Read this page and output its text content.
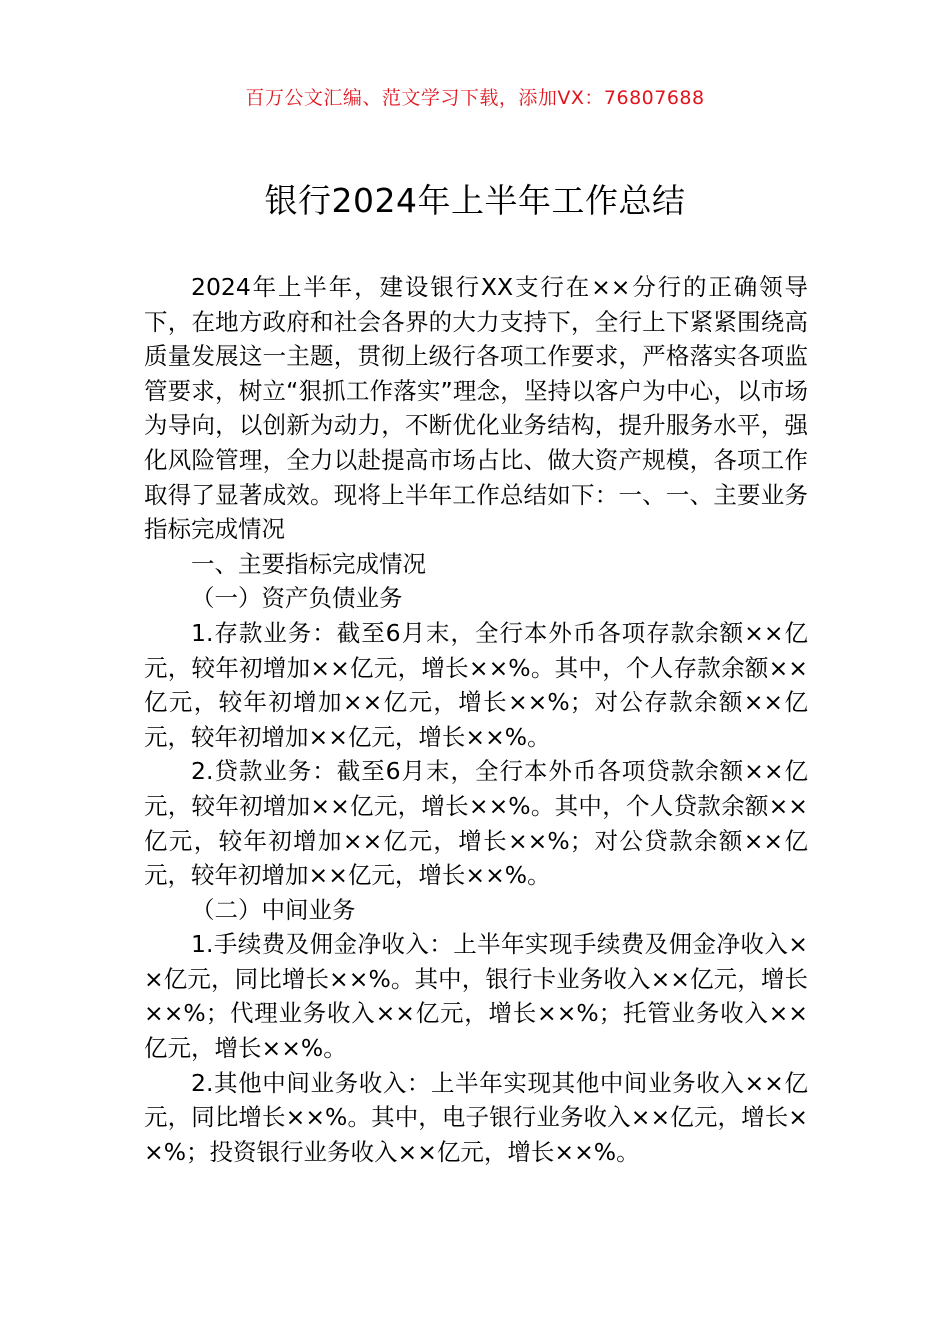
百万公文汇编、范文学习下载，添加VX：76807688
银行2024年上半年工作总结

2024年上半年，建设银行XX支行在××分行的正确领导下，在地方政府和社会各界的大力支持下，全行上下紧紧围绕高质量发展这一主题，贯彻上级行各项工作要求，严格落实各项监管要求，树立“狠抓工作落实”理念，坚持以客户为中心，以市场为导向，以创新为动力，不断优化业务结构，提升服务水平，强化风险管理，全力以赴提高市场占比、做大资产规模，各项工作取得了显著成效。现将上半年工作总结如下：一、一、主要业务指标完成情况

一、主要指标完成情况

（一）资产负债业务

1.存款业务：截至6月末，全行本外币各项存款余额××亿元，较年初增加××亿元，增长××%。其中，个人存款余额××亿元，较年初增加××亿元，增长××%；对公存款余额××亿元，较年初增加××亿元，增长××%。

2.贷款业务：截至6月末，全行本外币各项贷款余额××亿元，较年初增加××亿元，增长××%。其中，个人贷款余额××亿元，较年初增加××亿元，增长××%；对公贷款余额××亿元，较年初增加××亿元，增长××%。

（二）中间业务

1.手续费及佣金净收入：上半年实现手续费及佣金净收入××亿元，同比增长××%。其中，银行卡业务收入××亿元，增长××%；代理业务收入××亿元，增长××%；托管业务收入××亿元，增长××%。

2.其他中间业务收入：上半年实现其他中间业务收入××亿元，同比增长××%。其中，电子银行业务收入××亿元，增长××%；投资银行业务收入××亿元，增长××%。
